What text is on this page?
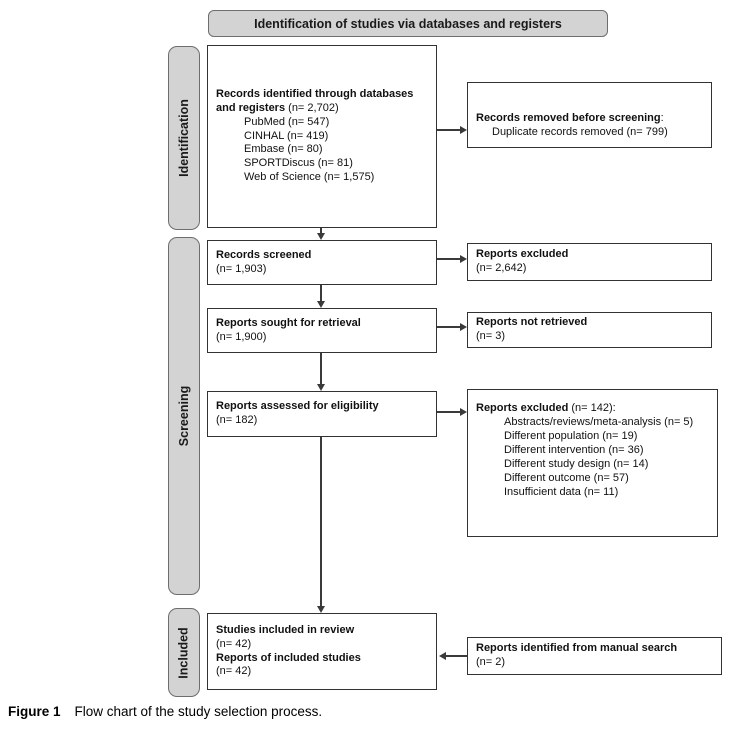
Identification of studies via databases and registers
Identification
Screening
Included
Records identified through databases and registers (n= 2,702)
PubMed (n= 547)
CINHAL (n= 419)
Embase (n= 80)
SPORTDiscus (n= 81)
Web of Science (n= 1,575)
Records removed before screening:
Duplicate records removed (n= 799)
Records screened
(n= 1,903)
Reports excluded
(n= 2,642)
Reports sought for retrieval
(n= 1,900)
Reports not retrieved
(n= 3)
Reports assessed for eligibility
(n= 182)
Reports excluded (n= 142):
Abstracts/reviews/meta-analysis (n= 5)
Different population (n= 19)
Different intervention (n= 36)
Different study design (n= 14)
Different outcome (n= 57)
Insufficient data (n= 11)
Studies included in review
(n= 42)
Reports of included studies
(n= 42)
Reports identified from manual search
(n= 2)
Figure 1 Flow chart of the study selection process.
